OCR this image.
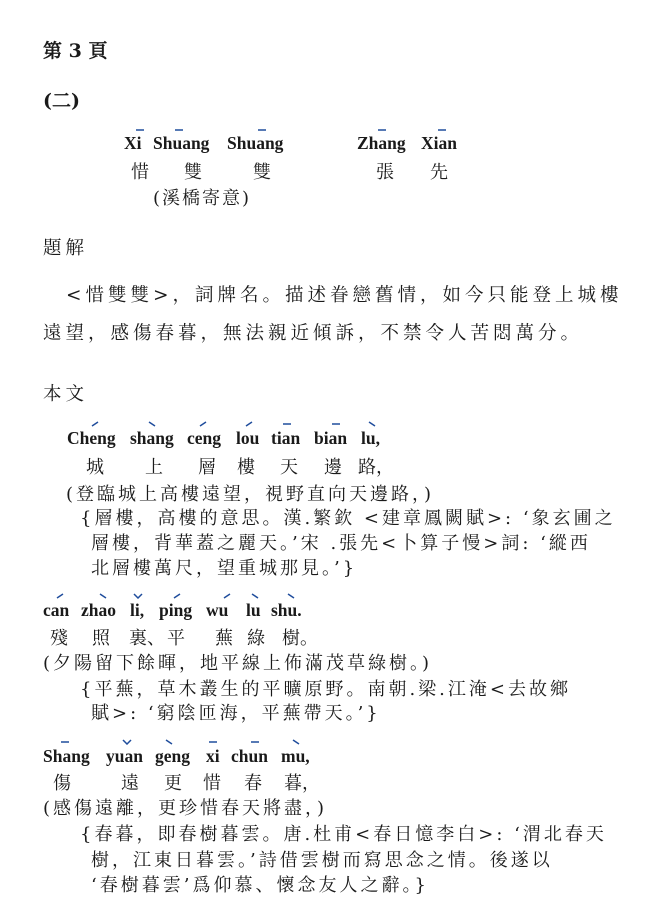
第 3 頁
(二)
Xi Shuang Shuang	Zhang Xian
惜 雙	雙	張 先
(溪橋寄意)
題解
<惜雙雙>，詞牌名。描述眷戀舊情，如今只能登上城樓
遠望，感傷春暮，無法親近傾訴，不禁令人苦悶萬分。
本文
Cheng shang ceng lou tian bian lu,
城 上 層 樓 天 邊 路，
(登臨城上高樓遠望，視野直向天邊路，)
{層樓，高樓的意思。漢.繁欽 <建章鳳闕賦>: ‘象玄圃之
層樓，背華蓋之麗天。’宋 .張先<卜算子慢>詞: ‘縱西
北層樓萬尺，望重城那見。’}
can zhao li, ping wu lu shu.
殘 照 裏、 平 蕪 綠 樹。
(夕陽留下餘暉，地平線上佈滿茂草綠樹。)
{平蕪，草木叢生的平曠原野。南朝.梁.江淹<去故鄉
賦>: ‘窮陰匝海，平蕪帶天。’}
Shang yuan geng xi chun mu,
傷	遠 更 惜 春 暮，
(感傷遠離，更珍惜春天將盡，)
{春暮，即春樹暮雲。唐.杜甫<春日憶李白>: ‘渭北春天
樹，江東日暮雲。’詩借雲樹而寫思念之情。後遂以
‘春樹暮雲’爲仰慕、懷念友人之辭。}
